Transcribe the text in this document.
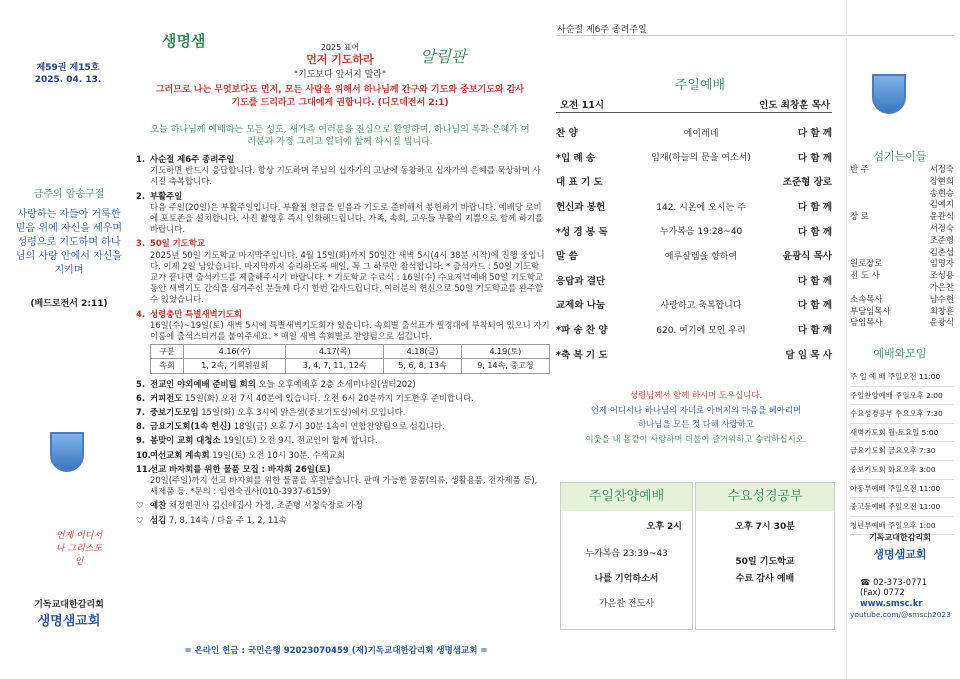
제59권 제15호
2025. 04. 13.
금주의 암송구절
사랑하는 자들아 거룩한 믿음 위에 자신을 세우며 성령으로 기도하며 하나님의 사랑 안에서 자신을 지키며
(베드로전서 2:11)
언제 어디서나 그리스도인
기독교대한감리회
생명샘교회
생명샘	2025 표어
먼저 기도하라
"기도보다 앞서지 말라"
알림판
그러므로 나는 무엇보다도 먼저, 모든 사람을 위해서 하나님께 간구와 기도와 중보기도와 감사 기도를 드리라고 그대에게 권합니다. (디모데전서 2:1)
오늘 하나님께 예배하는 모든 성도, 새가족 여러분을 진심으로 환영하며, 하나님의 복과 은혜가 여러분과 가정 그리고 일터에 함께 하시길 빕니다.
1. 사순절 제6주 종려주일
기도하면 반드시 응답합니다. 항상 기도하며 주님의 십자가의 고난에 동참하고 십자가의 은혜를 묵상하며 사시길 축복합니다.
2. 부활주일
다음 주일(20일)은 부활주일입니다. 부활절 헌금을 믿음과 기도로 준비해서 봉헌하기 바랍니다. 예배당 로비에 포토존을 설치합니다. 사진 촬영후 즉시 인화해드립니다. 가족, 속회, 교우들 부활의 기쁨으로 함께 하기를 바랍니다.
3. 50일 기도학교
2025년 50일 기도학교 마지막주입니다. 4월 15일(화)까지 50일간 새벽 5시(4시 38분 시작)에 진행 중입니다. 이제 2일 남았습니다. 마지막까지 승리하도록 매일, 꼭 그 하루만 참석합니다. * 출석카드 : 50일 기도학교가 끝나면 출석카드를 제출해주시기 바랍니다. * 기도학교 수료식 : 16일(수) 수요저녁예배 50일 기도학교 동안 새벽기도 간식을 섬겨주신 분들께 다시 한번 감사드립니다. 여러분의 헌신으로 50일 기도학교를 완주할 수 있었습니다.
4. 성령충만 특별새벽기도회
16일(수)~19일(토) 새벽 5시에 특별새벽기도회가 있습니다. 속회별 출석표가 필경대에 부착되어 있으니 자기 이름에 출석스티커를 붙여주세요. * 매일 새벽 속회별로 찬양팀으로 섬깁니다.
구분	4.16(수)	4.17(목)	4.18(금)	4.19(토)
속회	1, 2속, 기획위원회	3, 4, 7, 11, 12속	5, 6, 8, 13속	9, 14속, 중고청
5. 전교인 야외예배 준비팀 회의 오늘 오후예배후 2층 소세미나실(샘터202)
6. 커피전도 15일(화) 오전 7시 40분에 있습니다. 오전 6시 20분까지 기도한후 준비합니다.
7. 중보기도모임 15일(화) 오후 3시에 맑은샘(중보기도실)에서 모입니다.
8. 금요기도회(1속 헌신) 18일(금) 오후 7시 30분 1속이 연합찬양팀으로 섬깁니다.
9. 봄맞이 교회 대청소 19일(토) 오전 9시. 전교인이 함께 합니다.
10. 여선교회 계속회 19일(토) 오전 10시 30분. 수색교회
11. 선교 바자회를 위한 물품 모집 : 바자회 26일(토)
20일(주일)까지 선교 바자회를 위한 물품을 후원받습니다. 판매 가능한 물품(의류, 생활용품, 전자제품 등), 새제품 등. *문의 : 임연숙권사(010-3937-6159)
♡ 예찬 채정현권사 김신애집사 가정, 조준형 서정숙장로 가정
♡ 섬김 7, 8, 14속 / 다음 주 1, 2, 11속
= 온라인 헌금 : 국민은행 92023070459 (재)기독교대한감리회 생명샘교회 =
사순절 제6주 종려주일
주일예배
오전 11시	인도 최창훈 목사
찬 양	에이레네	다 함 께
*입 례 송	임재(하늘의 문을 여소서)	다 함 께
대 표 기 도	조준형 장로
헌신과 봉헌	142. 시온에 오시는 주	다 함 께
*성 경 봉 독	누가복음 19:28~40	다 함 께
말 씀	예루살렘을 향하여	윤광식 목사
응답과 결단	다 함 께
교제와 나눔	사랑하고 축복합니다	다 함 께
*파 송 찬 양	620. 여기에 모인 우리	다 함 께
*축 복 기 도	담 임 목 사
성령님께서 함께 하시며 도우십니다.
언제 어디서나 하나님의 자녀로 아버지의 마음을 헤아리며
하나님을 모든 것 다해 사랑하고
이웃을 내 몸같이 사랑하며 더불어 즐거워하고 승리하십시오.
주일찬양예배
오후 2시
누가복음 23:39~43
나를 기억하소서
가은찬 전도사
수요성경공부
오후 7시 30분
50일 기도학교
수료 감사 예배
섬기는이들
반 주	서정숙
장현희
송현승
김예지
장 로	윤관식
서정숙
조준형
김춘섭
원로장로	임명자
전 도 사	조성용
가은찬
소속목사	남수현
부담임목사	최창훈
담임목사	윤광식
예배와모임
주 일 예 배 주일오전 11:00
주일찬양예배 주일오후 2:00
수요성경공부 수요오후 7:30
새벽기도회 월-토요일 5:00
금요기도회 금요오후 7:30
중보기도회 화요오후 3:00
아동부예배 주일오전 11:00
중고등예배 주일오전 11:00
청년부예배 주일오후 1:00
기독교대한감리회
생명샘교회
☎ 02-373-0771
(Fax) 0772
www.smsc.kr
youtube.com/@smsch2023
